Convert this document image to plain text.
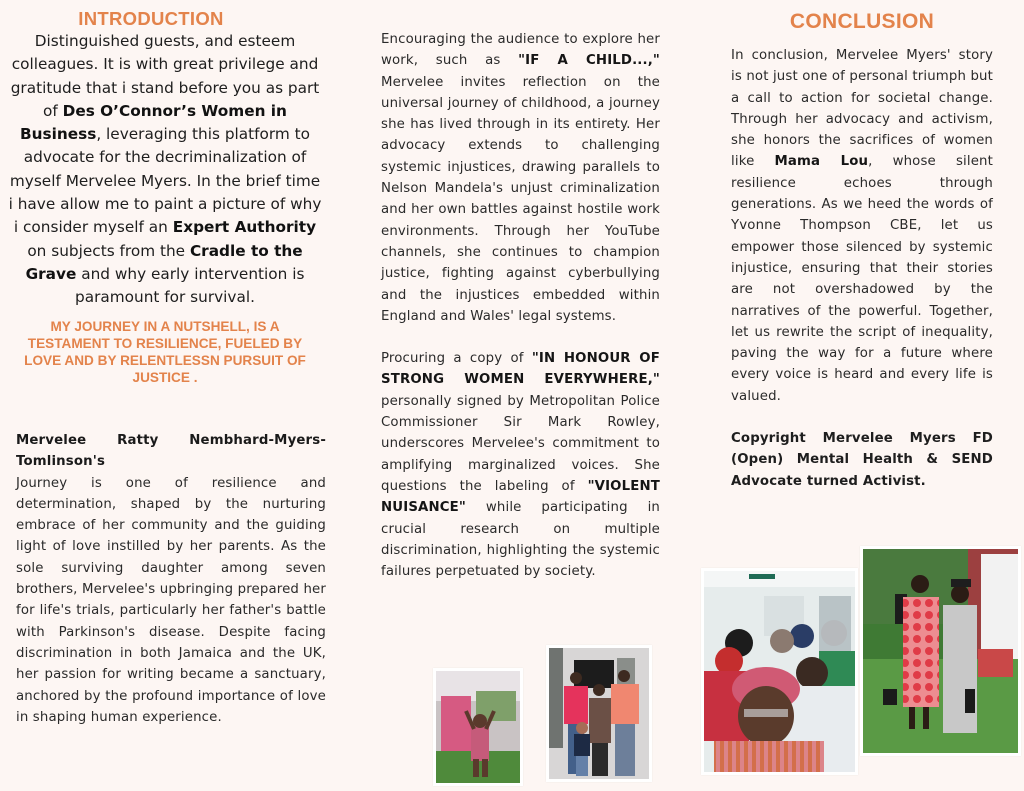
INTRODUCTION
Distinguished guests, and esteem colleagues. It is with great privilege and gratitude that i stand before you as part of Des O’Connor’s Women in Business, leveraging this platform to advocate for the decriminalization of myself Mervelee Myers. In the brief time i have allow me to paint a picture of why i consider myself an Expert Authority on subjects from the Cradle to the Grave and why early intervention is paramount for survival.
MY JOURNEY IN A NUTSHELL, IS A TESTAMENT TO RESILIENCE, FUELED BY LOVE AND BY RELENTLESSN PURSUIT OF JUSTICE .
Mervelee Ratty Nembhard-Myers-Tomlinson's
Journey is one of resilience and determination, shaped by the nurturing embrace of her community and the guiding light of love instilled by her parents. As the sole surviving daughter among seven brothers, Mervelee's upbringing prepared her for life's trials, particularly her father's battle with Parkinson's disease. Despite facing discrimination in both Jamaica and the UK, her passion for writing became a sanctuary, anchored by the profound importance of love in shaping human experience.
Encouraging the audience to explore her work, such as "IF A CHILD...," Mervelee invites reflection on the universal journey of childhood, a journey she has lived through in its entirety. Her advocacy extends to challenging systemic injustices, drawing parallels to Nelson Mandela's unjust criminalization and her own battles against hostile work environments. Through her YouTube channels, she continues to champion justice, fighting against cyberbullying and the injustices embedded within England and Wales' legal systems.
Procuring a copy of "IN HONOUR OF STRONG WOMEN EVERYWHERE," personally signed by Metropolitan Police Commissioner Sir Mark Rowley, underscores Mervelee's commitment to amplifying marginalized voices. She questions the labeling of "VIOLENT NUISANCE" while participating in crucial research on multiple discrimination, highlighting the systemic failures perpetuated by society.
CONCLUSION
In conclusion, Mervelee Myers' story is not just one of personal triumph but a call to action for societal change. Through her advocacy and activism, she honors the sacrifices of women like Mama Lou, whose silent resilience echoes through generations. As we heed the words of Yvonne Thompson CBE, let us empower those silenced by systemic injustice, ensuring that their stories are not overshadowed by the narratives of the powerful. Together, let us rewrite the script of inequality, paving the way for a future where every voice is heard and every life is valued.
Copyright Mervelee Myers FD (Open) Mental Health & SEND Advocate turned Activist.
